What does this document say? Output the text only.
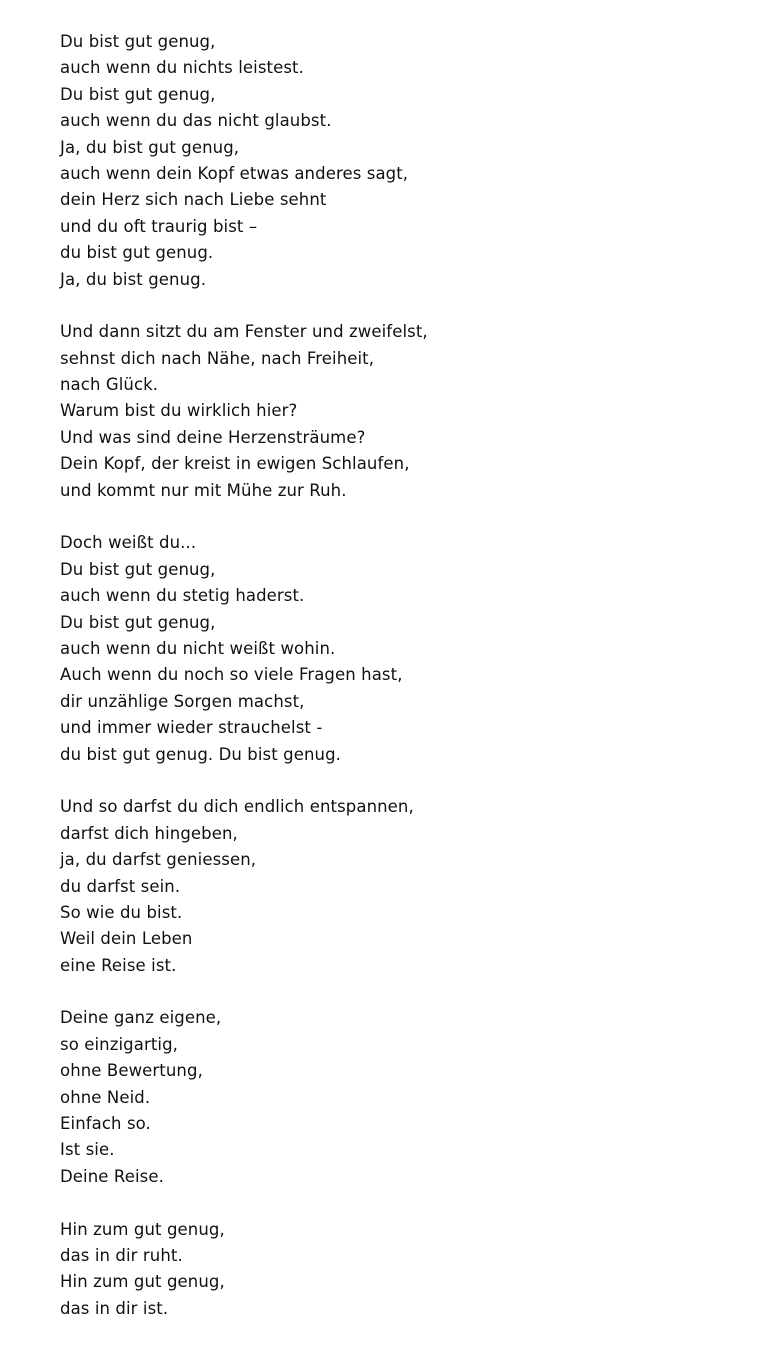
Du bist gut genug,
auch wenn du nichts leistest.
Du bist gut genug,
auch wenn du das nicht glaubst.
Ja, du bist gut genug,
auch wenn dein Kopf etwas anderes sagt,
dein Herz sich nach Liebe sehnt
und du oft traurig bist –
du bist gut genug.
Ja, du bist genug.
Und dann sitzt du am Fenster und zweifelst,
sehnst dich nach Nähe, nach Freiheit,
nach Glück.
Warum bist du wirklich hier?
Und was sind deine Herzensträume?
Dein Kopf, der kreist in ewigen Schlaufen,
und kommt nur mit Mühe zur Ruh.
Doch weißt du...
Du bist gut genug,
auch wenn du stetig haderst.
Du bist gut genug,
auch wenn du nicht weißt wohin.
Auch wenn du noch so viele Fragen hast,
dir unzählige Sorgen machst,
und immer wieder strauchelst -
du bist gut genug. Du bist genug.
Und so darfst du dich endlich entspannen,
darfst dich hingeben,
ja, du darfst geniessen,
du darfst sein.
So wie du bist.
Weil dein Leben
eine Reise ist.
Deine ganz eigene,
so einzigartig,
ohne Bewertung,
ohne Neid.
Einfach so.
Ist sie.
Deine Reise.
Hin zum gut genug,
das in dir ruht.
Hin zum gut genug,
das in dir ist.
